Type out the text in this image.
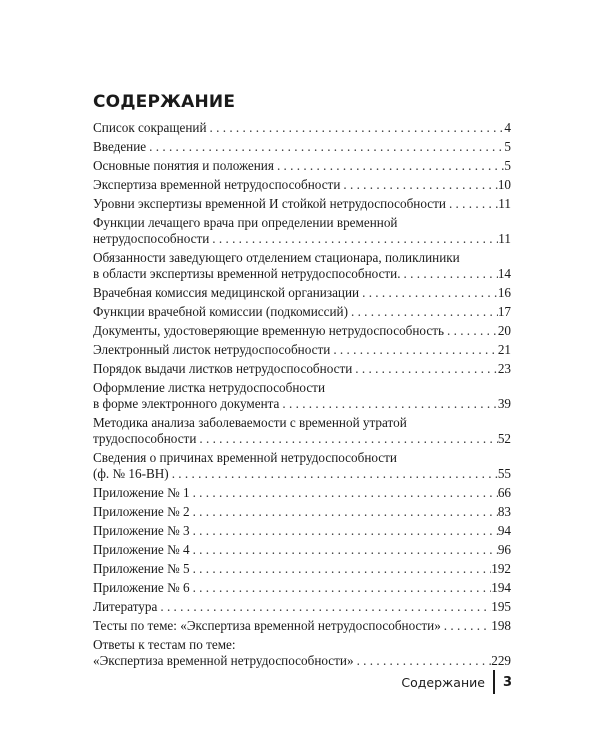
СОДЕРЖАНИЕ
Список сокращений . . .	4
Введение . . .	5
Основные понятия и положения . . .	5
Экспертиза временной нетрудоспособности . . .	10
Уровни экспертизы временной И стойкой нетрудоспособности . . .	11
Функции лечащего врача при определении временной
нетрудоспособности . . .	11
Обязанности заведующего отделением стационара, поликлиники
в области экспертизы временной нетрудоспособности. . . .	14
Врачебная комиссия медицинской организации . . .	16
Функции врачебной комиссии (подкомиссий) . . .	17
Документы, удостоверяющие временную нетрудоспособность . . .	20
Электронный листок нетрудоспособности . . .	21
Порядок выдачи листков нетрудоспособности . . .	23
Оформление листка нетрудоспособности
в форме электронного документа . . .	39
Методика анализа заболеваемости с временной утратой
трудоспособности . . .	52
Сведения о причинах временной нетрудоспособности
(ф. № 16-ВН) . . .	55
Приложение № 1 . . .	66
Приложение № 2 . . .	83
Приложение № 3 . . .	94
Приложение № 4 . . .	96
Приложение № 5 . . .	192
Приложение № 6 . . .	194
Литература . . .	195
Тесты по теме: «Экспертиза временной нетрудоспособности» . . .	198
Ответы к тестам по теме:
«Экспертиза временной нетрудоспособности» . . .	229
Содержание 3
